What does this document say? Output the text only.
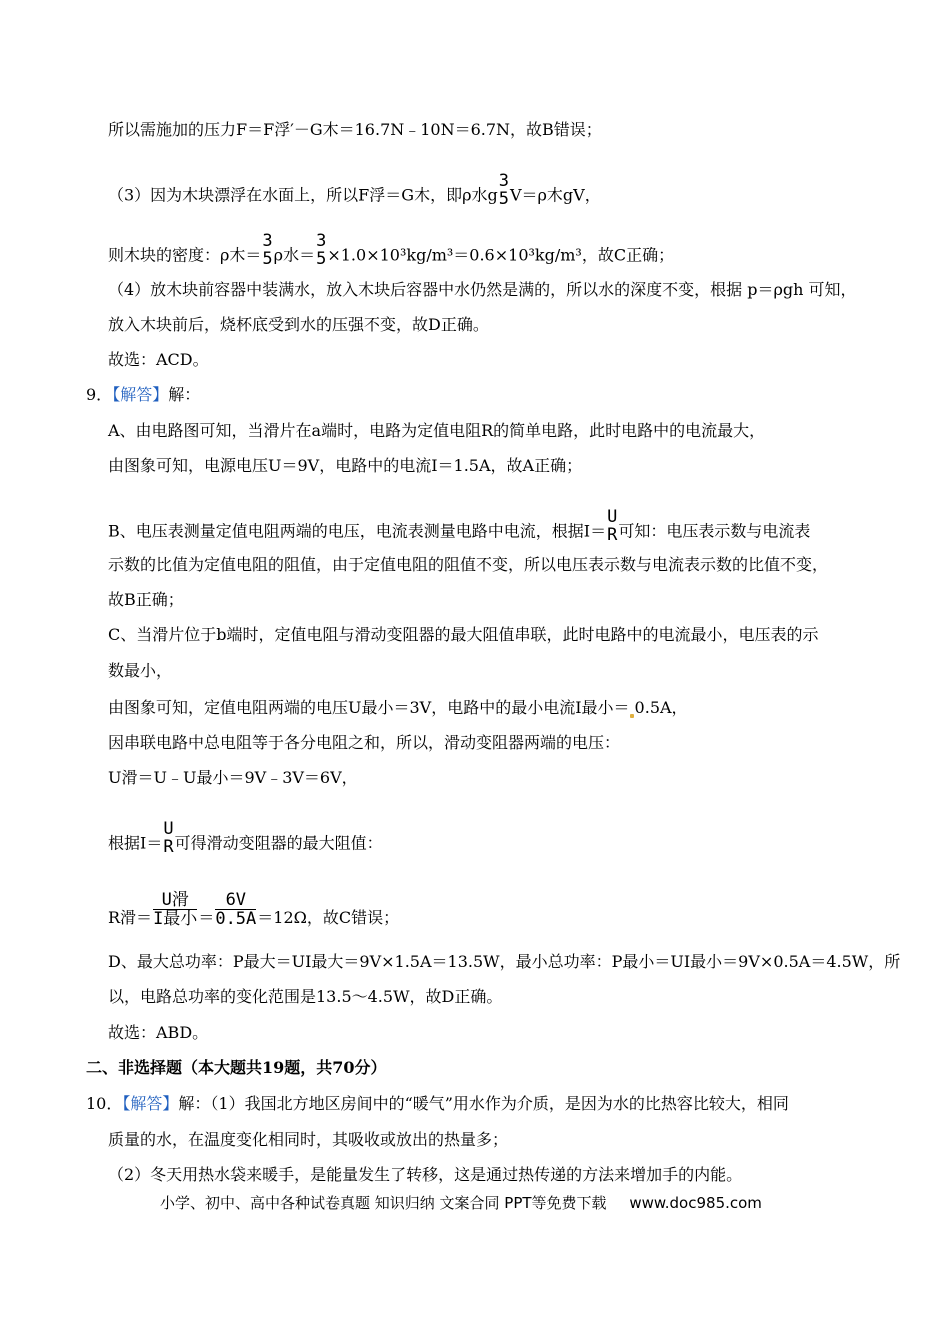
所以需施加的压力F＝F浮′－G木＝16.7N﹣10N＝6.7N，故B错误；
（3）因为木块漂浮在水面上，所以F浮＝G木，即ρ水g
3
5 V＝ρ木gV，
则木块的密度：ρ木＝
3
5 ρ水＝
3
5 ×1.0×10³kg/m³＝0.6×10³kg/m³，故C正确；
（4）放木块前容器中装满水，放入木块后容器中水仍然是满的，所以水的深度不变，根据 p＝ρgh 可知，
放入木块前后，烧杯底受到水的压强不变，故D正确。
故选：ACD。
9．【解答】解：
A、由电路图可知，当滑片在a端时，电路为定值电阻R的简单电路，此时电路中的电流最大，
由图象可知，电源电压U＝9V，电路中的电流I＝1.5A，故A正确；
B、电压表测量定值电阻两端的电压，电流表测量电路中电流，根据I＝
U
R 可知：电压表示数与电流表
示数的比值为定值电阻的阻值，由于定值电阻的阻值不变，所以电压表示数与电流表示数的比值不变，
故B正确；
C、当滑片位于b端时，定值电阻与滑动变阻器的最大阻值串联，此时电路中的电流最小，电压表的示
数最小，
由图象可知，定值电阻两端的电压U最小＝3V，电路中的最小电流I最小＝ 0.5A，
因串联电路中总电阻等于各分电阻之和，所以，滑动变阻器两端的电压：
U滑＝U﹣U最小＝9V﹣3V＝6V，
根据I＝
U
R 可得滑动变阻器的最大阻值：
R滑＝ $\frac{\text{U滑}}{\text{I最小}} = \frac{6V}{0.5A} =12\Omega$，故C错误；
D、最大总功率：P最大＝UI最大＝9V×1.5A＝13.5W，最小总功率：P最小＝UI最小＝9V×0.5A＝4.5W，所
以，电路总功率的变化范围是13.5～4.5W，故D正确。
故选：ABD。
二、非选择题（本大题共19题，共70分）
10．【解答】解：（1）我国北方地区房间中的“暖气”用水作为介质，是因为水的比热容比较大，相同
质量的水，在温度变化相同时，其吸收或放出的热量多；
（2）冬天用热水袋来暖手，是能量发生了转移，这是通过热传递的方法来增加手的内能。
小学、初中、高中各种试卷真题 知识归纳 文案合同 PPT等免费下载 www.doc985.com
